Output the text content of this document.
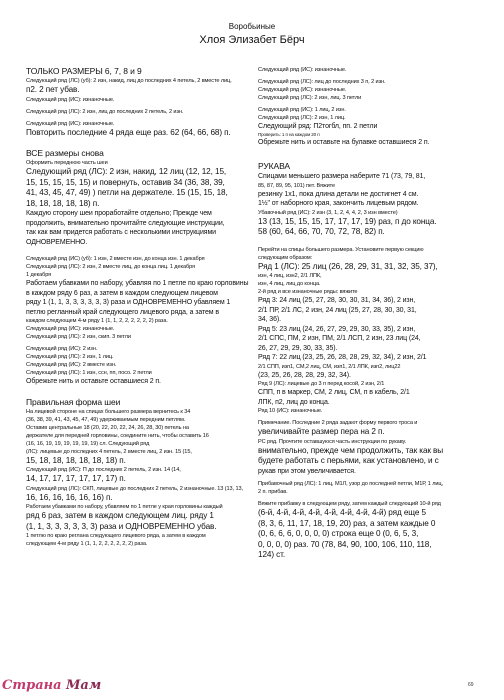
Воробьиные
Хлоя Элизабет Бёрч
ТОЛЬКО РАЗМЕРЫ 6, 7, 8 и 9
Следующий ряд (ЛС) (уб): 2 изн, накид, лиц до последних 4 петель, 2 вместе лиц,
п2. 2 пет убав.
Следующий ряд (ИС): изнаночные.
Следующий ряд (ЛС): 2 изн, лиц до последних 2 петель, 2 изн.
Следующий ряд (ИС): изнаночные.
Повторить последние 4 ряда еще раз. 62 (64, 66, 68) п.
ВСЕ размеры снова
Оформить переднюю часть шеи
Следующий ряд (ЛС): 2 изн, накид, 12 лиц (12, 12, 15,
15, 15, 15, 15, 15) и повернуть, оставив 34 (36, 38, 39,
41, 43, 45, 47, 49) ) петли на держателе. 15 (15, 15, 18,
18, 18, 18, 18, 18) п.
Каждую сторону шеи проработайте отдельно; Прежде чем
продолжить, внимательно прочитайте следующие инструкции,
так как вам придется работать с несколькими инструкциями
ОДНОВРЕМЕННО.
Следующий ряд (ИС) (уб): 1 изн, 2 вместе изн, до конца изн. 1 декабря
Следующий ряд (ЛС): 2 изн, 2 вместе лиц, до конца лиц. 1 декабря
1 декабря
Работаем убавками по набору, убавляя по 1 петле по краю горловины
в каждом ряду 6 раз, а затем в каждом следующем лицевом
ряду 1 (1, 1, 3, 3, 3, 3, 3, 3) раза и ОДНОВРЕМЕННО убавляем 1
петлю регланный край следующего лицевого ряда, а затем в
каждом следующем 4-м ряду 1 (1, 1, 2, 2, 2, 2, 2, 2) раза.
Следующий ряд (ИС): изнаночные.
Следующий ряд (ЛС): 2 изн, скип. 3 петли
Следующий ряд (ИС): 2 изн.
Следующий ряд (ЛС): 2 изн, 1 лиц.
Следующий ряд (ИС): 2 вместе изн.
Следующий ряд (ЛС): 1 изн, ссн, пп, посо. 2 петли
Обрежьте нить и оставьте оставшиеся 2 п.
Правильная форма шеи
На лицевой стороне на спицах большего размера вернитесь к 34
(36, 38, 39, 41, 43, 45, 47, 49) удерживаемым передним петлям.
Оставив центральные 18 (20, 22, 20, 22, 24, 26, 28, 30) петель на
держателе для передней горловины, соедините нить, чтобы оставить 16
(16, 16, 19, 19, 19, 19, 19, 19) сл. Следующий ряд
(ЛС): лицевые до последних 4 петель, 2 вместе лиц, 2 изн. 15 (15,
15, 18, 18, 18, 18, 18, 18) п.
Следующий ряд (ИС): П до последних 2 петель, 2 изн. 14 (14,
14, 17, 17, 17, 17, 17, 17) п.
Следующий ряд (ЛС): СКП, лицевые до последних 2 петель, 2 изнаночные. 13 (13, 13,
16, 16, 16, 16, 16, 16) п.
Работаем убавками по набору, убавляем по 1 петле у края горловины каждый
ряд 6 раз, затем в каждом следующем лиц. ряду 1
(1, 1, 3, 3, 3, 3, 3, 3) раза и ОДНОВРЕМЕННО убав.
1 петлю по краю реглана следующего лицевого ряда, а затем в каждом
следующем 4-м ряду 1 (1, 1, 2, 2, 2, 2, 2, 2) раза.
Следующий ряд (ИС): изнаночные.
Следующий ряд (ЛС): лиц до последних 3 п, 2 изн.
Следующий ряд (ИС): изнаночные.
Следующий ряд (ЛС): 2 изн, лиц. 3 петли
Следующий ряд (ИС): 1 лиц, 2 изн.
Следующий ряд (ЛС): 2 изн, 1 лиц.
Следующий ряд: П2тогбл, пп. 2 петли
Проверить: 1 п на каждом 20 п
Обрежьте нить и оставьте на булавке оставшиеся 2 п.
РУКАВА
Спицами меньшего размера наберите 71 (73, 79, 81,
85, 87, 89, 95, 101) пет. Вяжите
резинку 1х1, пока длина детали не достигнет 4 см.
1½" от наборного края, закончить лицевым рядом.
Убавочный ряд (ИС): 2 изн (3, 1, 2, 4, 4, 2, 3 изн вместе)
13 (13, 15, 15, 15, 17, 17, 17, 19) раз, п до конца.
58 (60, 64, 66, 70, 70, 72, 78, 82) п.
Перейти на спицы большего размера. Установите первую секцию
следующим образом:
Ряд 1 (ЛС): 25 лиц (26, 28, 29, 31, 31, 32, 35, 37),
изн, 4 лиц, изн2, 2/1 ЛПК,
изн, 4 лиц, лиц до конца.
2-й ряд и все изнаночные ряды: вяжите
Ряд 3: 24 лиц (25, 27, 28, 30, 30, 31, 34, 36), 2 изн,
2/1 ПР, 2/1 ЛС, 2 изн, 24 лиц (25, 27, 28, 30, 30, 31,
34, 36).
Ряд 5: 23 лиц (24, 26, 27, 29, 29, 30, 33, 35), 2 изн,
2/1 СПС, ПМ, 2 изн, ПМ, 2/1 ЛСП, 2 изн, 23 лиц (24,
26, 27, 29, 29, 30, 33, 35).
Ряд 7: 22 лиц (23, 25, 26, 28, 28, 29, 32, 34), 2 изн, 2/1
2/1 СПП, изп1, СМ,2 лиц, СМ, изп1, 2/1 ЛПК, изп2, лиц22
(23, 25, 26, 28, 28, 29, 32, 34).
Ряд 9 (ЛС): лицевые до 3 п перед косой, 2 изн, 2/1
СПП, п в маркер, СМ, 2 лиц, СМ, п в кабель, 2/1
ЛПК, п2, лиц до конца.
Ряд 10 (ИС): изнаночные.
Примечание. Последние 2 ряда задают форму первого троса и
увеличивайте размер пера на 2 п.
РС ряд. Прочтите оставшуюся часть инструкции по рукаву.
внимательно, прежде чем продолжить, так как вы
будете работать с перьями, как установлено, и с
рукав при этом увеличивается.
Прибавочный ряд (ЛС): 1 лиц, М1Л, узор до последней петли, М1Р, 1 лиц,
2 п. прибав.
Вяжите прибавку в следующем ряду, затем каждый следующий 10-й ряд
(6-й, 4-й, 4-й, 4-й, 4-й, 4-й, 4-й, 4-й) ряд еще 5
(8, 3, 6, 11, 17, 18, 19, 20) раз, а затем каждые 0
(0, 6, 6, 6, 0, 0, 0, 0) строка еще 0 (0, 6, 5, 3,
0, 0, 0, 0) раз. 70 (78, 84, 90, 100, 106, 110, 118,
124) ст.
Страна Мам	69
